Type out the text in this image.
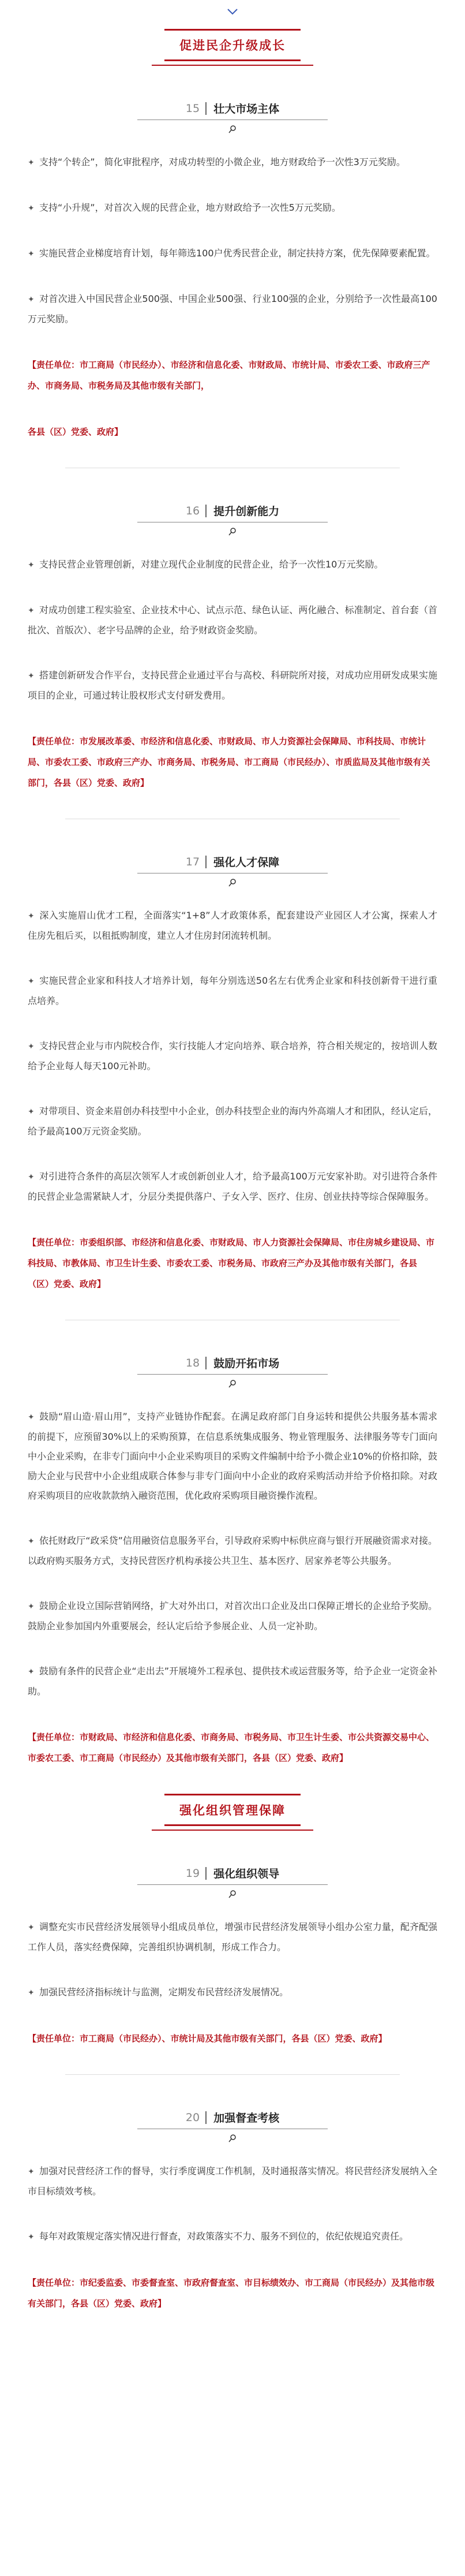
促进民企升级成长
15 壮大市场主体

✦ 支持“个转企”，简化审批程序，对成功转型的小微企业，地方财政给予一次性3万元奖励。

✦ 支持“小升规”，对首次入规的民营企业，地方财政给予一次性5万元奖励。

✦ 实施民营企业梯度培育计划，每年筛选100户优秀民营企业，制定扶持方案，优先保障要素配置。

✦ 对首次进入中国民营企业500强、中国企业500强、行业100强的企业，分别给予一次性最高100万元奖励。

【责任单位：市工商局（市民经办）、市经济和信息化委、市财政局、市统计局、市委农工委、市政府三产办、市商务局、市税务局及其他市级有关部门，

各县（区）党委、政府】

16 提升创新能力

✦ 支持民营企业管理创新，对建立现代企业制度的民营企业，给予一次性10万元奖励。

✦ 对成功创建工程实验室、企业技术中心、试点示范、绿色认证、两化融合、标准制定、首台套（首批次、首版次）、老字号品牌的企业，给予财政资金奖励。

✦ 搭建创新研发合作平台，支持民营企业通过平台与高校、科研院所对接，对成功应用研发成果实施项目的企业，可通过转让股权形式支付研发费用。

【责任单位：市发展改革委、市经济和信息化委、市财政局、市人力资源社会保障局、市科技局、市统计局、市委农工委、市政府三产办、市商务局、市税务局、市工商局（市民经办）、市质监局及其他市级有关部门，各县（区）党委、政府】

17 强化人才保障

✦ 深入实施眉山优才工程，全面落实“1+8”人才政策体系，配套建设产业园区人才公寓，探索人才住房先租后买，以租抵购制度，建立人才住房封闭流转机制。

✦ 实施民营企业家和科技人才培养计划，每年分别选送50名左右优秀企业家和科技创新骨干进行重点培养。

✦ 支持民营企业与市内院校合作，实行技能人才定向培养、联合培养，符合相关规定的，按培训人数给予企业每人每天100元补助。

✦ 对带项目、资金来眉创办科技型中小企业，创办科技型企业的海内外高端人才和团队，经认定后，给予最高100万元资金奖励。

✦ 对引进符合条件的高层次领军人才或创新创业人才，给予最高100万元安家补助。对引进符合条件的民营企业急需紧缺人才，分层分类提供落户、子女入学、医疗、住房、创业扶持等综合保障服务。

【责任单位：市委组织部、市经济和信息化委、市财政局、市人力资源社会保障局、市住房城乡建设局、市科技局、市教体局、市卫生计生委、市委农工委、市税务局、市政府三产办及其他市级有关部门，各县（区）党委、政府】

18 鼓励开拓市场

✦ 鼓励“眉山造·眉山用”，支持产业链协作配套。在满足政府部门自身运转和提供公共服务基本需求的前提下，应预留30%以上的采购预算，在信息系统集成服务、物业管理服务、法律服务等专门面向中小企业采购，在非专门面向中小企业采购项目的采购文件编制中给予小微企业10%的价格扣除，鼓励大企业与民营中小企业组成联合体参与非专门面向中小企业的政府采购活动并给予价格扣除。对政府采购项目的应收款款纳入融资范围，优化政府采购项目融资操作流程。

✦ 依托财政厅“政采贷”信用融资信息服务平台，引导政府采购中标供应商与银行开展融资需求对接。以政府购买服务方式，支持民营医疗机构承接公共卫生、基本医疗、居家养老等公共服务。

✦ 鼓励企业设立国际营销网络，扩大对外出口，对首次出口企业及出口保障正增长的企业给予奖励。鼓励企业参加国内外重要展会，经认定后给予参展企业、人员一定补助。

✦ 鼓励有条件的民营企业“走出去”开展境外工程承包、提供技术或运营服务等，给予企业一定资金补助。

【责任单位：市财政局、市经济和信息化委、市商务局、市税务局、市卫生计生委、市公共资源交易中心、市委农工委、市工商局（市民经办）及其他市级有关部门，各县（区）党委、政府】

强化组织管理保障
19 强化组织领导

✦ 调整充实市民营经济发展领导小组成员单位，增强市民营经济发展领导小组办公室力量，配齐配强工作人员，落实经费保障，完善组织协调机制，形成工作合力。

✦ 加强民营经济指标统计与监测，定期发布民营经济发展情况。

【责任单位：市工商局（市民经办）、市统计局及其他市级有关部门，各县（区）党委、政府】

20 加强督查考核

✦ 加强对民营经济工作的督导，实行季度调度工作机制，及时通报落实情况。将民营经济发展纳入全市目标绩效考核。

✦ 每年对政策规定落实情况进行督查，对政策落实不力、服务不到位的，依纪依规追究责任。

【责任单位：市纪委监委、市委督查室、市政府督查室、市目标绩效办、市工商局（市民经办）及其他市级有关部门，各县（区）党委、政府】
